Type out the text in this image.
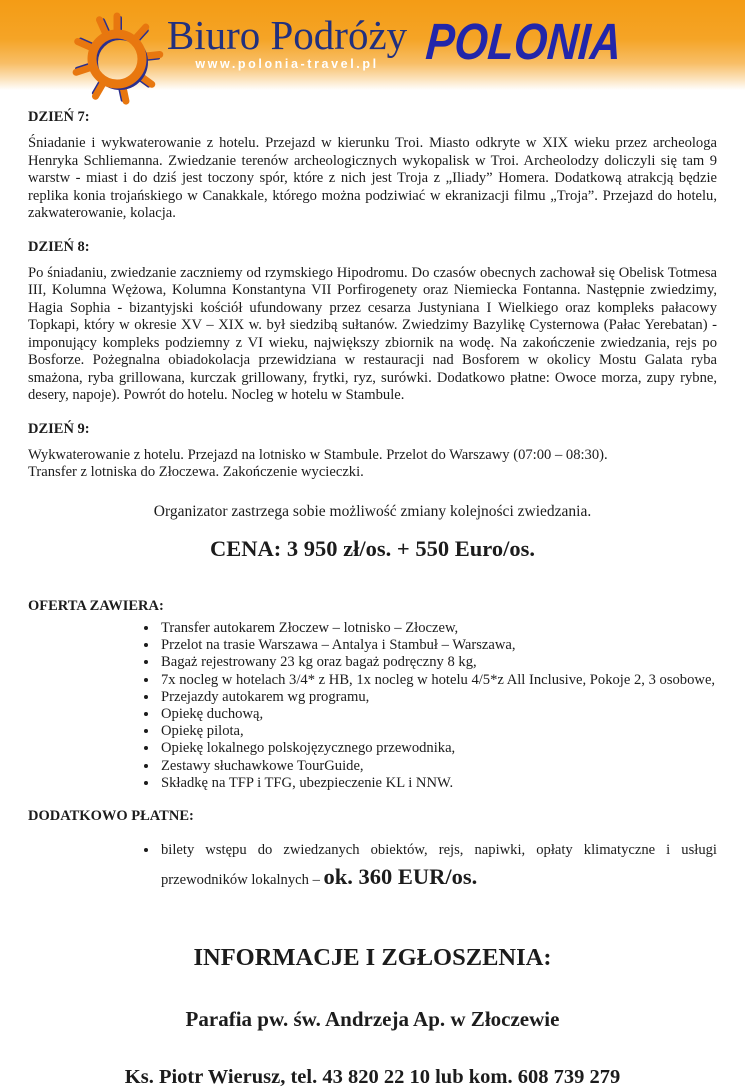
Biuro Podróży
www.polonia-travel.pl POLONIA
DZIEŃ 7:

Śniadanie i wykwaterowanie z hotelu. Przejazd w kierunku Troi. Miasto odkryte w XIX wieku przez archeologa Henryka Schliemanna. Zwiedzanie terenów archeologicznych wykopalisk w Troi. Archeolodzy doliczyli się tam 9 warstw - miast i do dziś jest toczony spór, które z nich jest Troja z „Iliady” Homera. Dodatkową atrakcją będzie replika konia trojańskiego w Canakkale, którego można podziwiać w ekranizacji filmu „Troja”. Przejazd do hotelu, zakwaterowanie, kolacja.

DZIEŃ 8:

Po śniadaniu, zwiedzanie zaczniemy od rzymskiego Hipodromu. Do czasów obecnych zachował się Obelisk Totmesa III, Kolumna Wężowa, Kolumna Konstantyna VII Porfirogenety oraz Niemiecka Fontanna. Następnie zwiedzimy, Hagia Sophia - bizantyjski kościół ufundowany przez cesarza Justyniana I Wielkiego oraz kompleks pałacowy Topkapi, który w okresie XV – XIX w. był siedzibą sułtanów. Zwiedzimy Bazylikę Cysternowa (Pałac Yerebatan) - imponujący kompleks podziemny z VI wieku, największy zbiornik na wodę. Na zakończenie zwiedzania, rejs po Bosforze. Pożegnalna obiadokolacja przewidziana w restauracji nad Bosforem w okolicy Mostu Galata ryba smażona, ryba grillowana, kurczak grillowany, frytki, ryz, surówki. Dodatkowo płatne: Owoce morza, zupy rybne, desery, napoje). Powrót do hotelu. Nocleg w hotelu w Stambule.

DZIEŃ 9:

Wykwaterowanie z hotelu. Przejazd na lotnisko w Stambule. Przelot do Warszawy (07:00 – 08:30).
Transfer z lotniska do Złoczewa. Zakończenie wycieczki.

Organizator zastrzega sobie możliwość zmiany kolejności zwiedzania.

CENA: 3 950 zł/os. + 550 Euro/os.

OFERTA ZAWIERA:
• Transfer autokarem Złoczew – lotnisko – Złoczew,
• Przelot na trasie Warszawa – Antalya i Stambuł – Warszawa,
• Bagaż rejestrowany 23 kg oraz bagaż podręczny 8 kg,
• 7x nocleg w hotelach 3/4* z HB, 1x nocleg w hotelu 4/5*z All Inclusive, Pokoje 2, 3 osobowe,
• Przejazdy autokarem wg programu,
• Opiekę duchową,
• Opiekę pilota,
• Opiekę lokalnego polskojęzycznego przewodnika,
• Zestawy słuchawkowe TourGuide,
• Składkę na TFP i TFG, ubezpieczenie KL i NNW.
DODATKOWO PŁATNE:
• bilety wstępu do zwiedzanych obiektów, rejs, napiwki, opłaty klimatyczne i usługi przewodników lokalnych – ok. 360 EUR/os.
INFORMACJE I ZGŁOSZENIA:
Parafia pw. św. Andrzeja Ap. w Złoczewie
Ks. Piotr Wierusz, tel. 43 820 22 10 lub kom. 608 739 279
